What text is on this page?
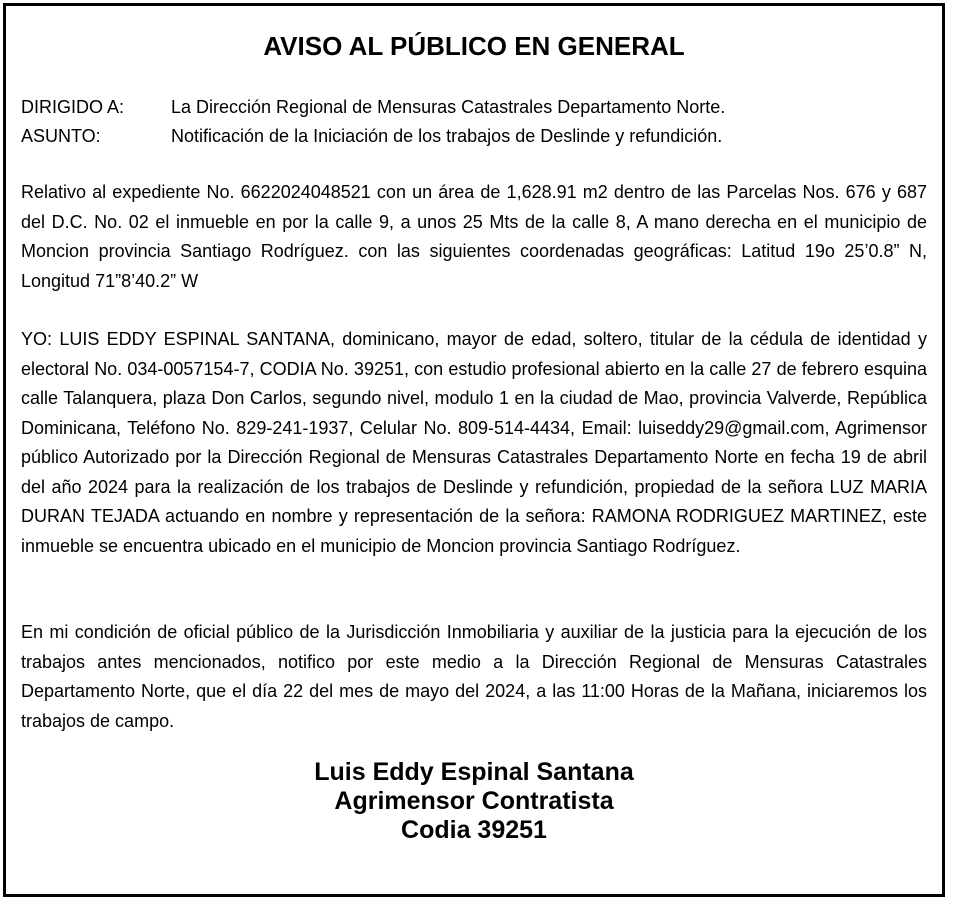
AVISO AL PÚBLICO EN GENERAL
DIRIGIDO A:	La Dirección Regional de Mensuras Catastrales Departamento Norte.
ASUNTO:	Notificación de la Iniciación de los trabajos de Deslinde y refundición.
Relativo al expediente No. 6622024048521 con un área de 1,628.91 m2 dentro de las Parcelas Nos. 676 y 687 del D.C. No. 02 el inmueble en por la calle 9, a unos 25 Mts de la calle 8, A mano derecha en el municipio de Moncion provincia Santiago Rodríguez. con las siguientes coordenadas geográficas: Latitud 19o 25’0.8” N, Longitud 71”8’40.2” W
YO: LUIS EDDY ESPINAL SANTANA, dominicano, mayor de edad, soltero, titular de la cédula de identidad y electoral No. 034-0057154-7, CODIA No. 39251, con estudio profesional abierto en la calle 27 de febrero esquina calle Talanquera, plaza Don Carlos, segundo nivel, modulo 1 en la ciudad de Mao, provincia Valverde, República Dominicana, Teléfono No. 829-241-1937, Celular No. 809-514-4434, Email: luiseddy29@gmail.com, Agrimensor público Autorizado por la Dirección Regional de Mensuras Catastrales Departamento Norte en fecha 19 de abril del año 2024 para la realización de los trabajos de Deslinde y refundición, propiedad de la señora LUZ MARIA DURAN TEJADA actuando en nombre y representación de la señora: RAMONA RODRIGUEZ MARTINEZ, este inmueble se encuentra ubicado en el municipio de Moncion provincia Santiago Rodríguez.
En mi condición de oficial público de la Jurisdicción Inmobiliaria y auxiliar de la justicia para la ejecución de los trabajos antes mencionados, notifico por este medio a la Dirección Regional de Mensuras Catastrales Departamento Norte, que el día 22 del mes de mayo del 2024, a las 11:00 Horas de la Mañana, iniciaremos los trabajos de campo.
Luis Eddy Espinal Santana
Agrimensor Contratista
Codia 39251
